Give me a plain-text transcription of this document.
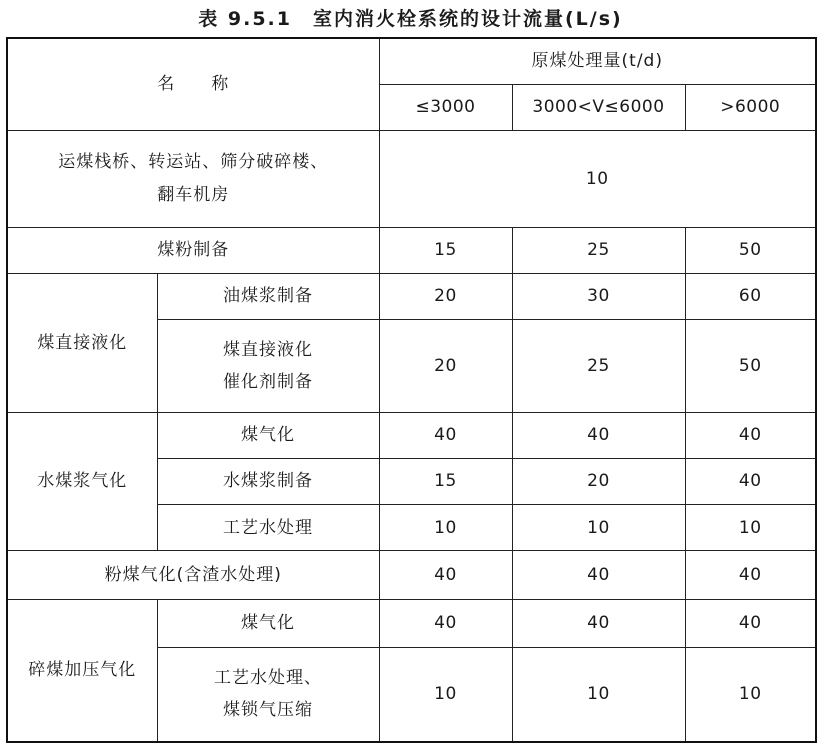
表 9.5.1　室内消火栓系统的设计流量(L/s)
名　　称		原煤处理量(t/d)		
		≤3000	3000<V≤6000	>6000

运煤栈桥、转运站、筛分破碎楼、
翻车机房		10		
煤粉制备		15	25	50
煤直接液化	油煤浆制备	20	30	60

	煤直接液化
催化剂制备	20	25	50
水煤浆气化	煤气化	40	40	40
	水煤浆制备	15	20	40
	工艺水处理	10	10	10
粉煤气化(含渣水处理)		40	40	40
碎煤加压气化	煤气化	40	40	40

	工艺水处理、
煤锁气压缩	10	10	10
